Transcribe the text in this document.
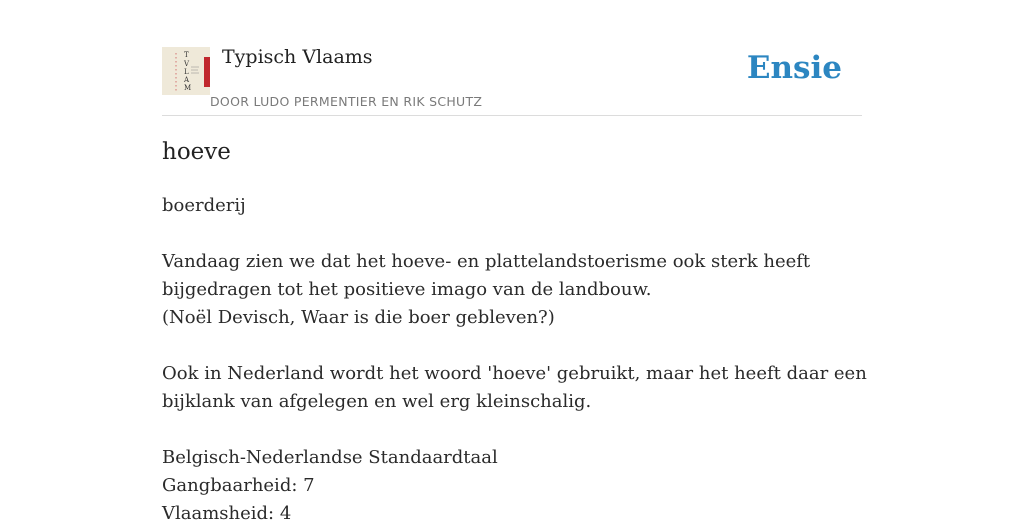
T
V
L
A
M
Typisch Vlaams
DOOR LUDO PERMENTIER EN RIK SCHUTZ
Ensie
hoeve
boerderij
Vandaag zien we dat het hoeve- en plattelandstoerisme ook sterk heeft
bijgedragen tot het positieve imago van de landbouw.
(Noël Devisch, Waar is die boer gebleven?)
Ook in Nederland wordt het woord 'hoeve' gebruikt, maar het heeft daar een
bijklank van afgelegen en wel erg kleinschalig.
Belgisch-Nederlandse Standaardtaal
Gangbaarheid: 7
Vlaamsheid: 4
